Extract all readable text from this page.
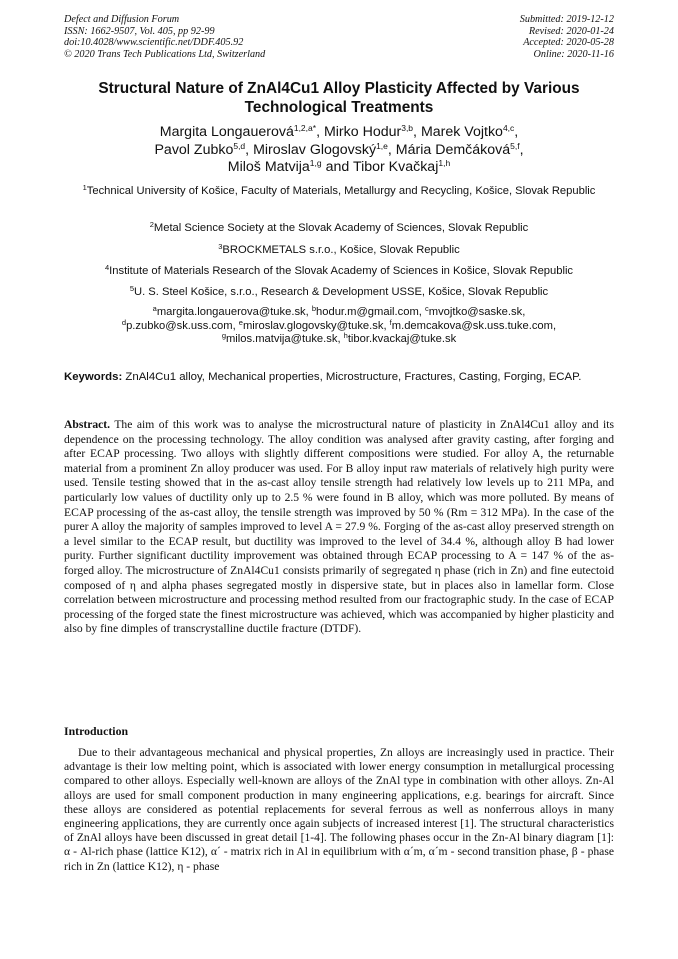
Defect and Diffusion Forum
ISSN: 1662-9507, Vol. 405, pp 92-99
doi:10.4028/www.scientific.net/DDF.405.92
© 2020 Trans Tech Publications Ltd, Switzerland
Submitted: 2019-12-12
Revised: 2020-01-24
Accepted: 2020-05-28
Online: 2020-11-16
Structural Nature of ZnAl4Cu1 Alloy Plasticity Affected by Various Technological Treatments
Margita Longauerová$^{1,2,a*}$, Mirko Hodur$^{3,b}$, Marek Vojtko$^{4,c}$,
Pavol Zubko$^{5,d}$, Miroslav Glogovský$^{1,e}$, Mária Demčáková$^{5,f}$,
Miloš Matvija$^{1,g}$ and Tibor Kvačkaj$^{1,h}$
$^1$Technical University of Košice, Faculty of Materials, Metallurgy and Recycling, Košice, Slovak Republic
$^2$Metal Science Society at the Slovak Academy of Sciences, Slovak Republic
$^3$BROCKMETALS s.r.o., Košice, Slovak Republic
$^4$Institute of Materials Research of the Slovak Academy of Sciences in Košice, Slovak Republic
$^5$U. S. Steel Košice, s.r.o., Research & Development USSE, Košice, Slovak Republic
$^a$margita.longauerova@tuke.sk, $^b$hodur.m@gmail.com, $^c$mvojtko@saske.sk,
$^d$p.zubko@sk.uss.com, $^e$miroslav.glogovsky@tuke.sk, $^f$m.demcakova@sk.uss.tuke.com,
$^g$milos.matvija@tuke.sk, $^h$tibor.kvackaj@tuke.sk
Keywords: ZnAl4Cu1 alloy, Mechanical properties, Microstructure, Fractures, Casting, Forging, ECAP.
Abstract. The aim of this work was to analyse the microstructural nature of plasticity in ZnAl4Cu1 alloy and its dependence on the processing technology. The alloy condition was analysed after gravity casting, after forging and after ECAP processing. Two alloys with slightly different compositions were studied. For alloy A, the returnable material from a prominent Zn alloy producer was used. For B alloy input raw materials of relatively high purity were used. Tensile testing showed that in the as-cast alloy tensile strength had relatively low levels up to 211 MPa, and particularly low values of ductility only up to 2.5 % were found in B alloy, which was more polluted. By means of ECAP processing of the as-cast alloy, the tensile strength was improved by 50 % (Rm = 312 MPa). In the case of the purer A alloy the majority of samples improved to level A = 27.9 %. Forging of the as-cast alloy preserved strength on a level similar to the ECAP result, but ductility was improved to the level of 34.4 %, although alloy B had lower purity. Further significant ductility improvement was obtained through ECAP processing to A = 147 % of the as-forged alloy. The microstructure of ZnAl4Cu1 consists primarily of segregated η phase (rich in Zn) and fine eutectoid composed of η and alpha phases segregated mostly in dispersive state, but in places also in lamellar form. Close correlation between microstructure and processing method resulted from our fractographic study. In the case of ECAP processing of the forged state the finest microstructure was achieved, which was accompanied by higher plasticity and also by fine dimples of transcrystalline ductile fracture (DTDF).
Introduction
Due to their advantageous mechanical and physical properties, Zn alloys are increasingly used in practice. Their advantage is their low melting point, which is associated with lower energy consumption in metallurgical processing compared to other alloys. Especially well-known are alloys of the ZnAl type in combination with other alloys. Zn-Al alloys are used for small component production in many engineering applications, e.g. bearings for aircraft. Since these alloys are considered as potential replacements for several ferrous as well as nonferrous alloys in many engineering applications, they are currently once again subjects of increased interest [1]. The structural characteristics of ZnAl alloys have been discussed in great detail [1-4]. The following phases occur in the Zn-Al binary diagram [1]: α - Al-rich phase (lattice K12), α´ - matrix rich in Al in equilibrium with α´m, α´m - second transition phase, β - phase rich in Zn (lattice K12), η - phase
